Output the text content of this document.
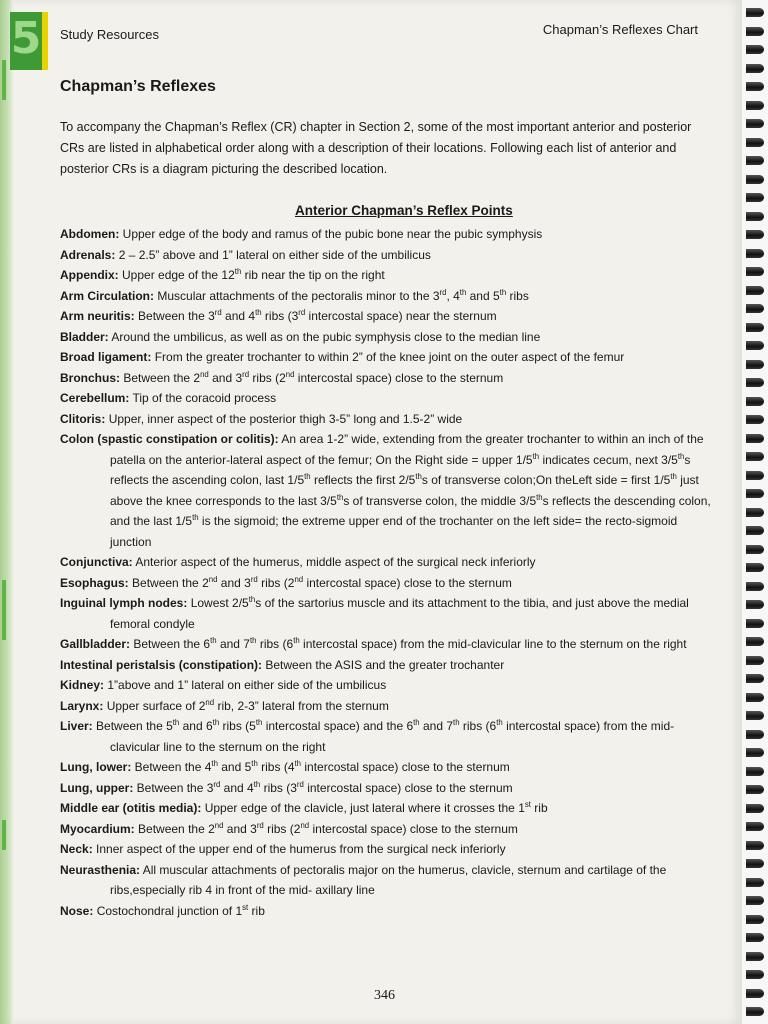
5 Study Resources	Chapman’s Reflexes Chart
Chapman’s Reflexes
To accompany the Chapman’s Reflex (CR) chapter in Section 2, some of the most important anterior and posterior CRs are listed in alphabetical order along with a description of their locations. Following each list of anterior and posterior CRs is a diagram picturing the described location.
Anterior Chapman’s Reflex Points

Abdomen: Upper edge of the body and ramus of the pubic bone near the pubic symphysis

Adrenals: 2 – 2.5” above and 1” lateral on either side of the umbilicus

Appendix: Upper edge of the 12th rib near the tip on the right

Arm Circulation: Muscular attachments of the pectoralis minor to the 3rd, 4th and 5th ribs

Arm neuritis: Between the 3rd and 4th ribs (3rd intercostal space) near the sternum

Bladder: Around the umbilicus, as well as on the pubic symphysis close to the median line

Broad ligament: From the greater trochanter to within 2” of the knee joint on the outer aspect of the femur

Bronchus: Between the 2nd and 3rd ribs (2nd intercostal space) close to the sternum

Cerebellum: Tip of the coracoid process

Clitoris: Upper, inner aspect of the posterior thigh 3-5” long and 1.5-2” wide

Colon (spastic constipation or colitis): An area 1-2” wide, extending from the greater trochanter to within an inch of the patella on the anterior-lateral aspect of the femur; On the Right side = upper 1/5th indicates cecum, next 3/5ths reflects the ascending colon, last 1/5th reflects the first 2/5ths of transverse colon;On theLeft side = first 1/5th just above the knee corresponds to the last 3/5ths of transverse colon, the middle 3/5ths reflects the descending colon, and the last 1/5th is the sigmoid; the extreme upper end of the trochanter on the left side= the recto-sigmoid junction

Conjunctiva: Anterior aspect of the humerus, middle aspect of the surgical neck inferiorly

Esophagus: Between the 2nd and 3rd ribs (2nd intercostal space) close to the sternum

Inguinal lymph nodes: Lowest 2/5ths of the sartorius muscle and its attachment to the tibia, and just above the medial femoral condyle

Gallbladder: Between the 6th and 7th ribs (6th intercostal space) from the mid-clavicular line to the sternum on the right

Intestinal peristalsis (constipation): Between the ASIS and the greater trochanter

Kidney: 1”above and 1” lateral on either side of the umbilicus

Larynx: Upper surface of 2nd rib, 2-3” lateral from the sternum

Liver: Between the 5th and 6th ribs (5th intercostal space) and the 6th and 7th ribs (6th intercostal space) from the mid-clavicular line to the sternum on the right

Lung, lower: Between the 4th and 5th ribs (4th intercostal space) close to the sternum

Lung, upper: Between the 3rd and 4th ribs (3rd intercostal space) close to the sternum

Middle ear (otitis media): Upper edge of the clavicle, just lateral where it crosses the 1st rib

Myocardium: Between the 2nd and 3rd ribs (2nd intercostal space) close to the sternum

Neck: Inner aspect of the upper end of the humerus from the surgical neck inferiorly

Neurasthenia: All muscular attachments of pectoralis major on the humerus, clavicle, sternum and cartilage of the ribs,especially rib 4 in front of the mid- axillary line

Nose: Costochondral junction of 1st rib

346
